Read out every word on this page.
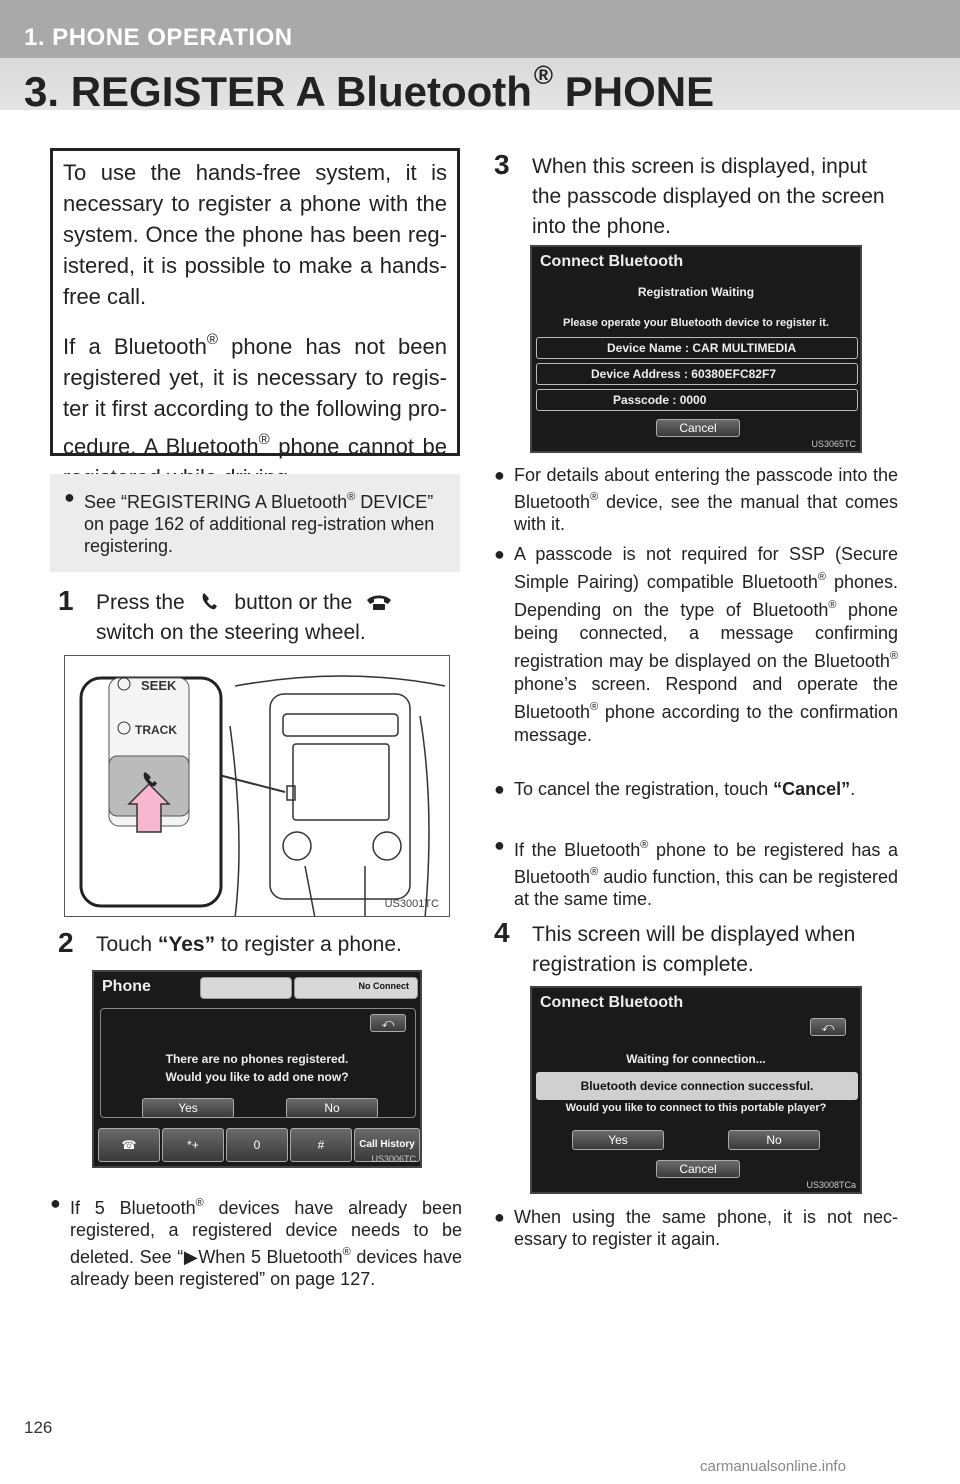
1. PHONE OPERATION
3. REGISTER A Bluetooth® PHONE

To use the hands-free system, it is necessary to register a phone with the system. Once the phone has been reg-istered, it is possible to make a hands-free call.

If a Bluetooth® phone has not been registered yet, it is necessary to regis-ter it first according to the following pro-cedure. A Bluetooth® phone cannot be

● See “REGISTERING A Bluetooth® DEVICE” on page 162 of additional reg-istration when registering.
1	Press the button or the  switch on the steering wheel.
SEEK
TRACK
US3001TC
2	Touch “Yes” to register a phone.
Phone	No Connect
⤺
There are no phones registered.
Would you like to add one now?
Yes	No
☎	*+	0	#	Call History
US3006TC
● If 5 Bluetooth® devices have already been registered, a registered device needs to be deleted. See “▶When 5 Bluetooth® devices have already been registered” on page 127.
3	When this screen is displayed, input the passcode displayed on the screen into the phone.
Connect Bluetooth
Registration Waiting
Please operate your Bluetooth device to register it.
Device Name : CAR MULTIMEDIA
Device Address : 60380EFC82F7
Passcode : 0000
Cancel
US3065TC
● For details about entering the passcode into the Bluetooth® device, see the manual that comes with it.
● A passcode is not required for SSP (Secure Simple Pairing) compatible Bluetooth® phones. Depending on the type of Bluetooth® phone being connected, a message confirming registration may be displayed on the Bluetooth® phone’s screen. Respond and operate the Bluetooth® phone according to the confirmation message.
● To cancel the registration, touch “Cancel”.
● If the Bluetooth® phone to be registered has a Bluetooth® audio function, this can be registered at the same time.
4	This screen will be displayed when registration is complete.
Connect Bluetooth
⤺
Waiting for connection...
Bluetooth device connection successful.
Would you like to connect to this portable player?
Yes	No
Cancel
US3008TCa
● When using the same phone, it is not nec-essary to register it again.
126
carmanualsonline.info
